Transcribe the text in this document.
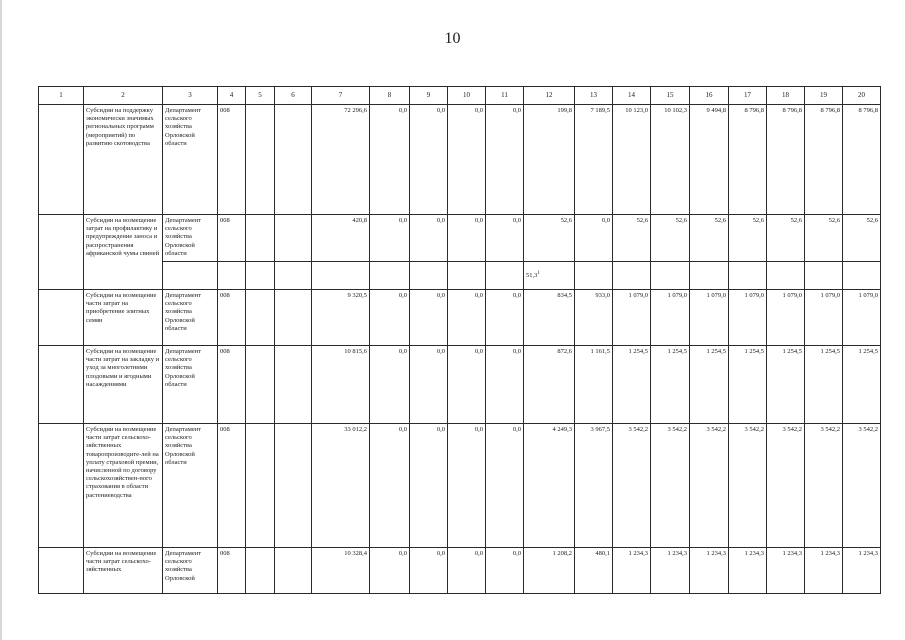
10
1	2	3	4	5	6	7	8	9	10	11	12	13	14	15	16	17	18	19	20
	Субсидии на поддержку экономически значимых региональных программ (мероприятий) по развитию скотоводства	Департамент сельского хозяйства Орловской области	008			72 296,6	0,0	0,0	0,0	0,0	199,8	7 189,5	10 123,0	10 102,3	9 494,8	8 796,8	8 796,8	8 796,8	8 796,8
	Субсидии на возмещение затрат на профилактику и предупреждение заноса и распространения африканской чумы свиней	Департамент сельского хозяйства Орловской области	008			420,8	0,0	0,0	0,0	0,0	52,6	0,0	52,6	52,6	52,6	52,6	52,6	52,6	52,6
											51,3$^1$								
	Субсидии на возмещение части затрат на приобретение элитных семян	Департамент сельского хозяйства Орловской области	008			9 320,5	0,0	0,0	0,0	0,0	834,5	933,0	1 079,0	1 079,0	1 079,0	1 079,0	1 079,0	1 079,0	1 079,0
	Субсидии на возмещение части затрат на закладку и уход за многолетними плодовыми и ягодными насаждениями	Департамент сельского хозяйства Орловской области	008			10 815,6	0,0	0,0	0,0	0,0	872,6	1 161,5	1 254,5	1 254,5	1 254,5	1 254,5	1 254,5	1 254,5	1 254,5
	Субсидии на возмещение части затрат сельскохо-зяйственных товаропроизводите-лей на уплату страховой премии, начисленной по договору сельскохозяйствен-ного страхования в области растениеводства	Департамент сельского хозяйства Орловской области	008			33 012,2	0,0	0,0	0,0	0,0	4 249,3	3 967,5	3 542,2	3 542,2	3 542,2	3 542,2	3 542,2	3 542,2	3 542,2
	Субсидии на возмещение части затрат сельскохо-зяйственных	Департамент сельского хозяйства Орловской	008			10 328,4	0,0	0,0	0,0	0,0	1 208,2	480,1	1 234,3	1 234,3	1 234,3	1 234,3	1 234,3	1 234,3	1 234,3
